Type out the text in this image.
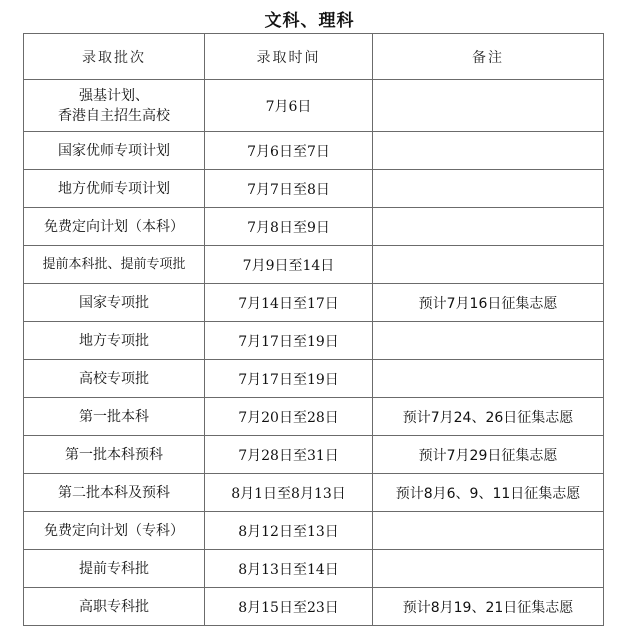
文科、理科
录取批次	录取时间	备注

强基计划、
香港自主招生高校	7月6日	
国家优师专项计划	7月6日至7日	
地方优师专项计划	7月7日至8日	
免费定向计划（本科）	7月8日至9日	
提前本科批、提前专项批	7月9日至14日	
国家专项批	7月14日至17日	预计7月16日征集志愿
地方专项批	7月17日至19日	
高校专项批	7月17日至19日	
第一批本科	7月20日至28日	预计7月24、26日征集志愿
第一批本科预科	7月28日至31日	预计7月29日征集志愿
第二批本科及预科	8月1日至8月13日	预计8月6、9、11日征集志愿
免费定向计划（专科）	8月12日至13日	
提前专科批	8月13日至14日	
高职专科批	8月15日至23日	预计8月19、21日征集志愿
